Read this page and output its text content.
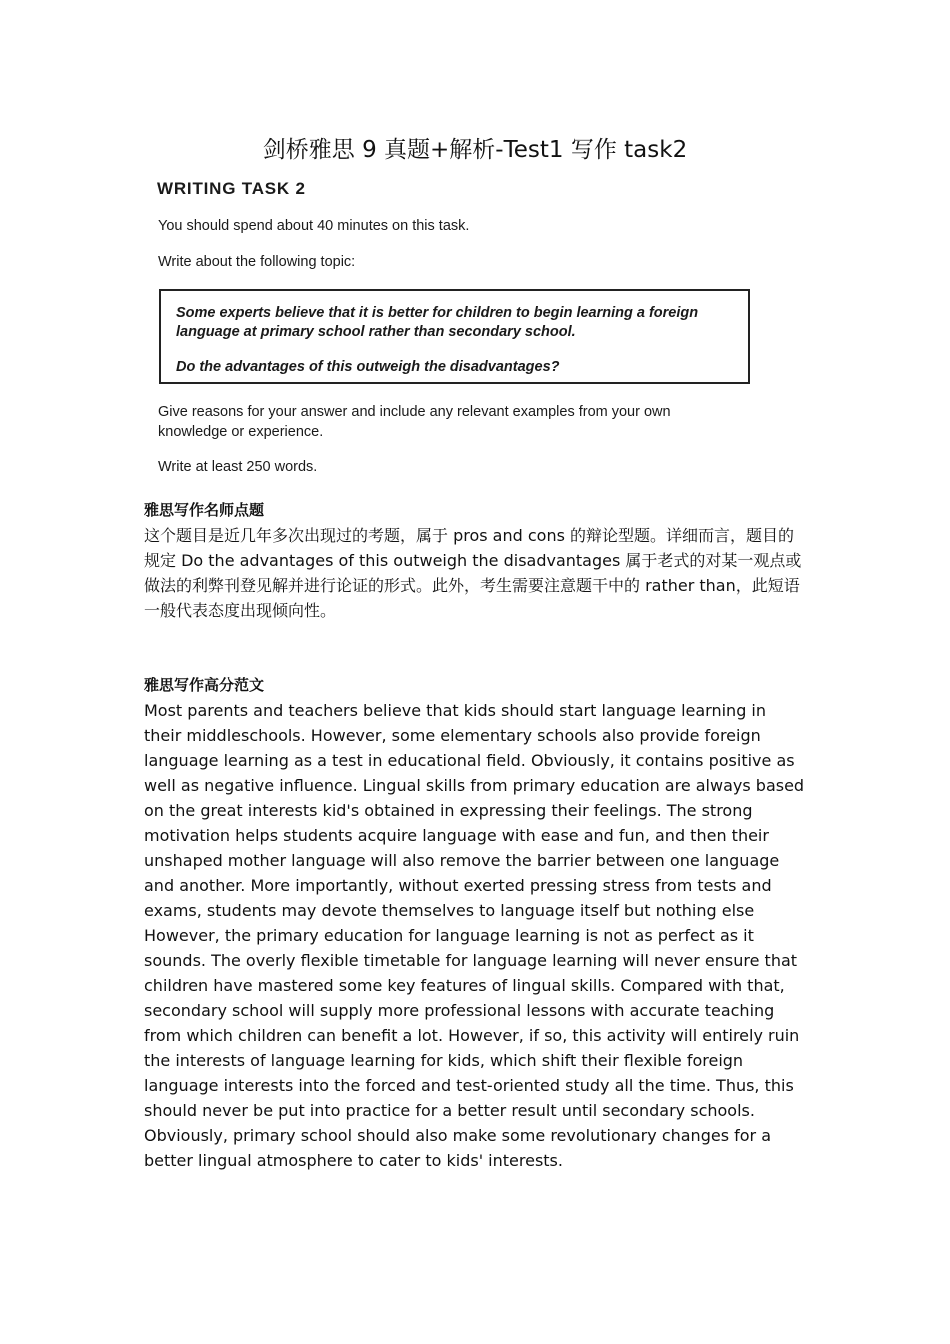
剑桥雅思 9 真题+解析-Test1 写作 task2
WRITING TASK 2
You should spend about 40 minutes on this task.
Write about the following topic:
Some experts believe that it is better for children to begin learning a foreign
language at primary school rather than secondary school.
Do the advantages of this outweigh the disadvantages?
Give reasons for your answer and include any relevant examples from your own
knowledge or experience.
Write at least 250 words.
雅思写作名师点题

这个题目是近几年多次出现过的考题，属于 pros and cons 的辩论型题。详细而言，题目的规定 Do the advantages of this outweigh the disadvantages 属于老式的对某一观点或做法的利弊刊登见解并进行论证的形式。此外，考生需要注意题干中的 rather than，此短语一般代表态度出现倾向性。

雅思写作高分范文

Most parents and teachers believe that kids should start language learning in their middleschools. However, some elementary schools also provide foreign language learning as a test in educational field. Obviously, it contains positive as well as negative influence. Lingual skills from primary education are always based on the great interests kid's obtained in expressing their feelings. The strong motivation helps students acquire language with ease and fun, and then their unshaped mother language will also remove the barrier between one language and another. More importantly, without exerted pressing stress from tests and exams, students may devote themselves to language itself but nothing else

However, the primary education for language learning is not as perfect as it sounds. The overly flexible timetable for language learning will never ensure that children have mastered some key features of lingual skills. Compared with that, secondary school will supply more professional lessons with accurate teaching from which children can benefit a lot. However, if so, this activity will entirely ruin the interests of language learning for kids, which shift their flexible foreign language interests into the forced and test-oriented study all the time. Thus, this should never be put into practice for a better result until secondary schools. Obviously, primary school should also make some revolutionary changes for a better lingual atmosphere to cater to kids' interests.
